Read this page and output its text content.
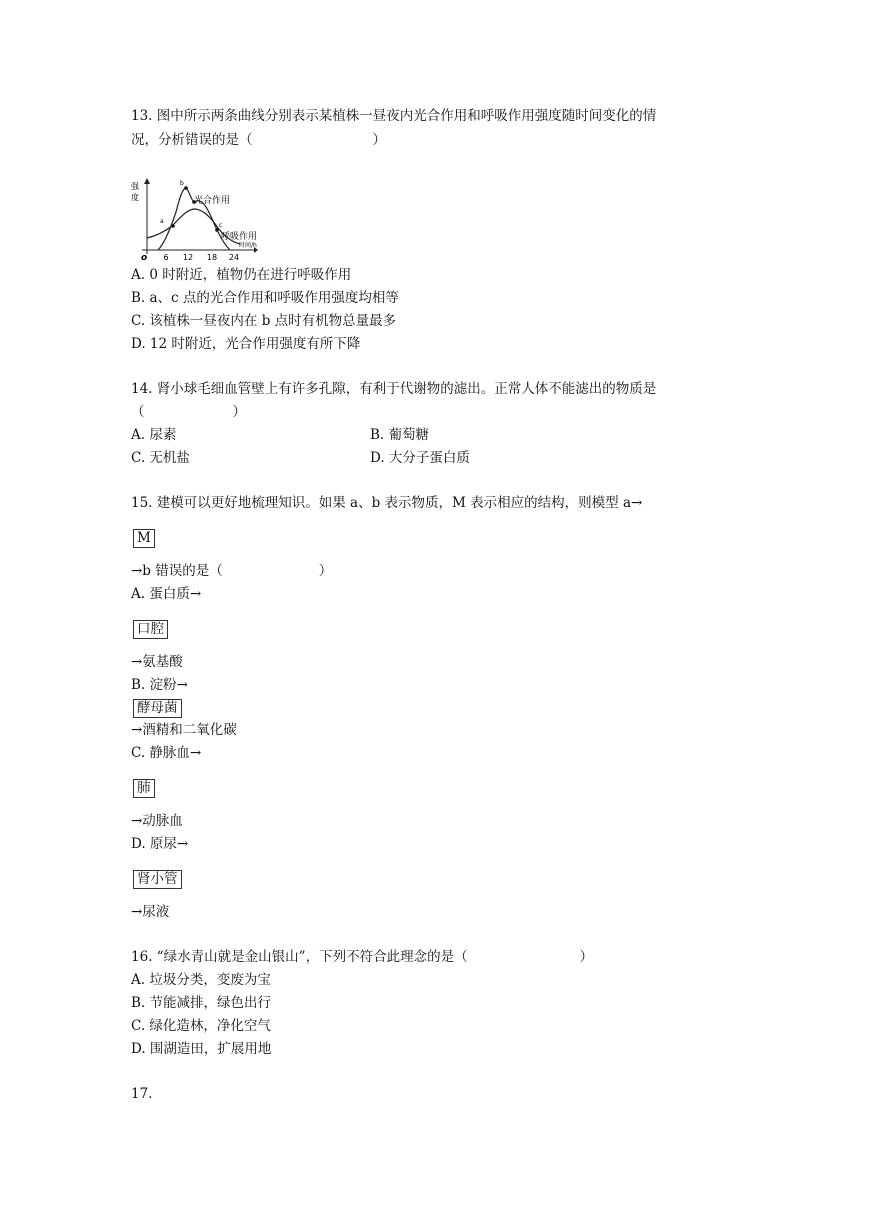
13. 图中所示两条曲线分别表示某植株一昼夜内光合作用和呼吸作用强度随时间变化的情
况，分析错误的是（	）
强
度
o 6 12 18 24
时间/h
a
b
c
光合作用
呼吸作用
A. 0 时附近，植物仍在进行呼吸作用
B. a、c 点的光合作用和呼吸作用强度均相等
C. 该植株一昼夜内在 b 点时有机物总量最多
D. 12 时附近，光合作用强度有所下降
14. 肾小球毛细血管壁上有许多孔隙，有利于代谢物的滤出。正常人体不能滤出的物质是
（	）
A. 尿素	B. 葡萄糖
C. 无机盐	D. 大分子蛋白质
15. 建模可以更好地梳理知识。如果 a、b 表示物质，M 表示相应的结构，则模型 a→
M
→b 错误的是（	）
A. 蛋白质→
口腔
→氨基酸
B. 淀粉→
酵母菌
→酒精和二氧化碳
C. 静脉血→
肺
→动脉血
D. 原尿→
肾小管
→尿液
16. “绿水青山就是金山银山”，下列不符合此理念的是（	）
A. 垃圾分类，变废为宝
B. 节能减排，绿色出行
C. 绿化造林，净化空气
D. 围湖造田，扩展用地
17.
